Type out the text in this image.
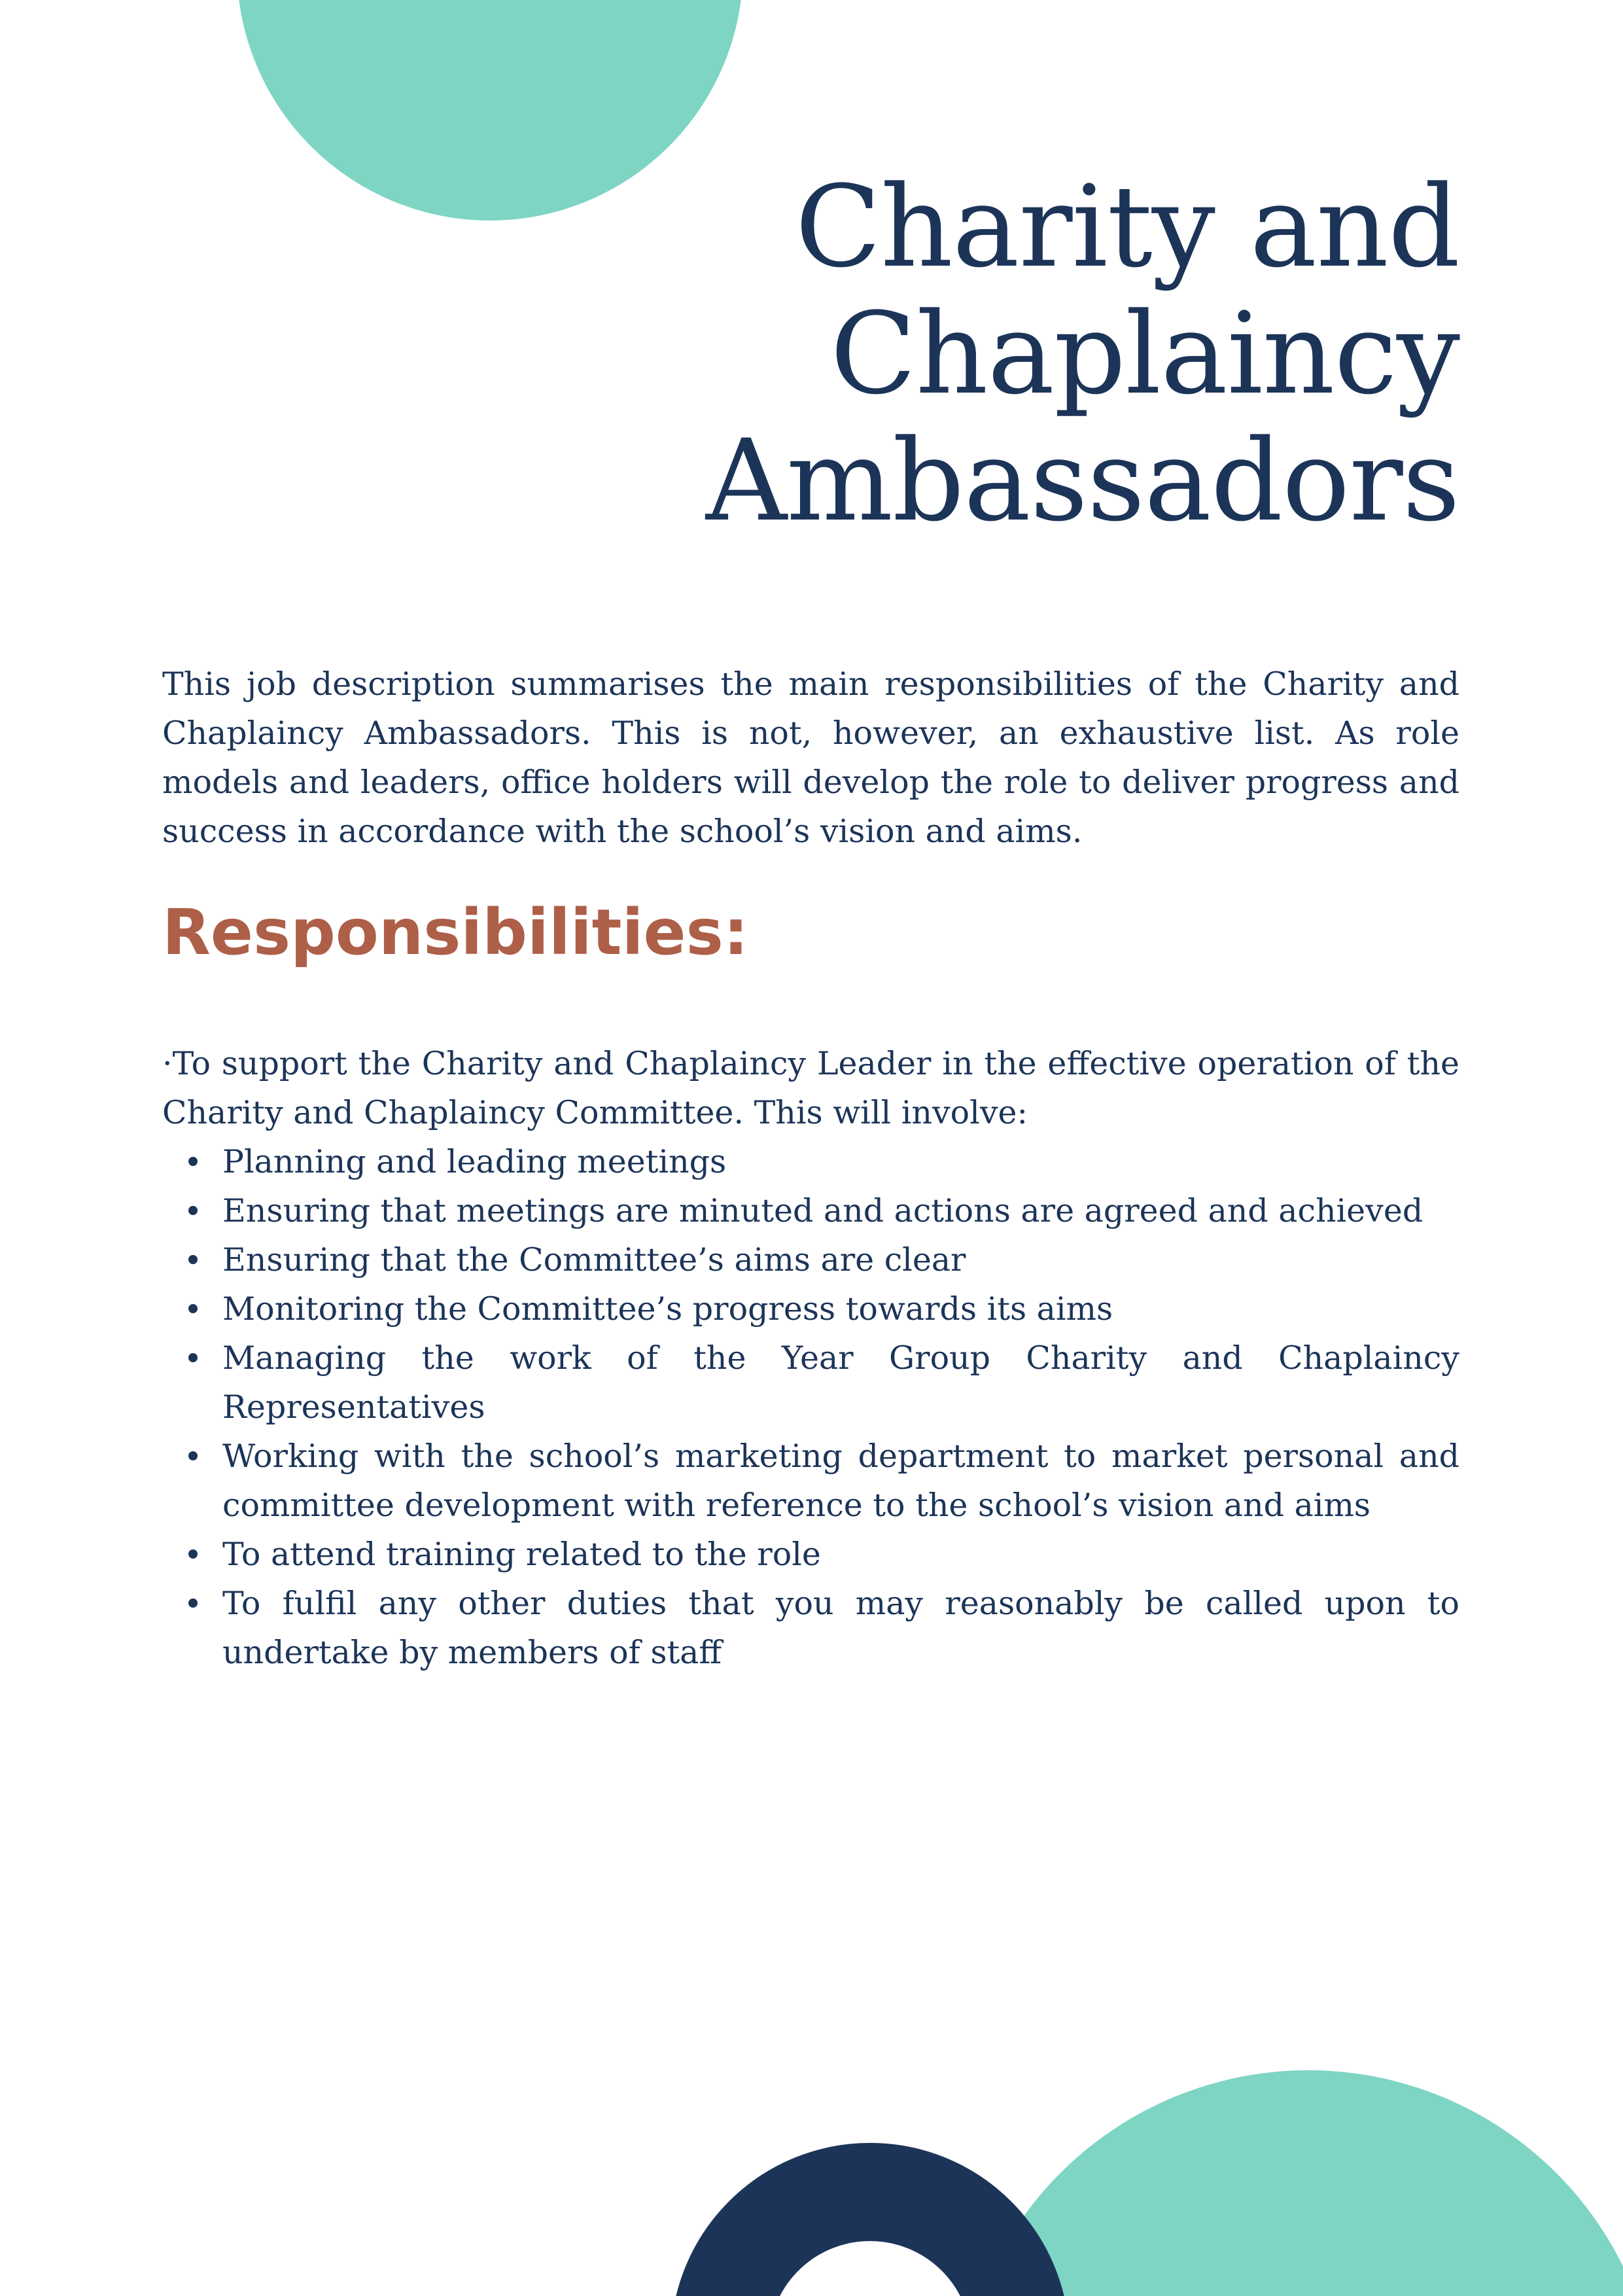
Charity and
Chaplaincy
Ambassadors

This job description summarises the main responsibilities of the Charity and Chaplaincy Ambassadors. This is not, however, an exhaustive list. As role models and leaders, office holders will develop the role to deliver progress and success in accordance with the school’s vision and aims.

Responsibilities:

·To support the Charity and Chaplaincy Leader in the effective operation of the Charity and Chaplaincy Committee. This will involve:

Planning and leading meetings
Ensuring that meetings are minuted and actions are agreed and achieved
Ensuring that the Committee’s aims are clear
Monitoring the Committee’s progress towards its aims
Managing the work of the Year Group Charity and Chaplaincy Representatives
Working with the school’s marketing department to market personal and committee development with reference to the school’s vision and aims
To attend training related to the role
To fulfil any other duties that you may reasonably be called upon to undertake by members of staff
